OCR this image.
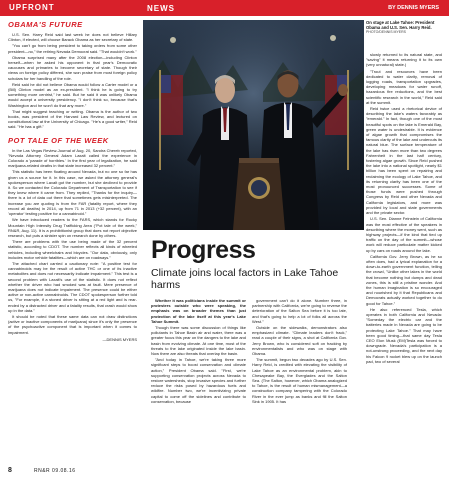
UPFRONT	NEWS	BY DENNIS MYERS
OBAMA'S FUTURE

U.S. Sen. Harry Reid said last week he does not believe Hillary Clinton, if elected, will choose Barack Obama as her secretary of state.

"You can't go from being president to taking orders from some other president—no," the retiring Nevada Democrat said. "That wouldn't work."

Obama surprised many after the 2008 election—including Clinton herself—when he asked his opponent in that year's Democratic caucuses and primaries to become secretary of state. Though their views on foreign policy differed, she won praise from most foreign policy scholars for her handling of the role.

Reid said he did not believe Obama would follow a Carter model or a (Bill) Clinton model as an ex-president. "I think he is going to try something more centrist," he said. But he said it was unlikely Obama would accept a university presidency. "I don't think so, because that's Washington and he won't do that any more."

That might suggest teaching or writing. Obama is the author of two books, was president of the Harvard Law Review, and lectured on constitutional law at the University of Chicago. "He's a good writer," Reid said. "He has a gift."

POT TALE OF THE WEEK

In the Las Vegas Review-Journal of Aug. 20, Sandra Chereb reported, "Nevada Attorney General Adam Laxalt called the experience in Colorado a 'parade of horribles.' In the first year of legalization, he said marijuana-related deaths in that state increased 32 percent."

This statistic has been floating around Nevada, but no one so far has given us a source for it. In this case, we asked the attorney general's spokesperson where Laxalt got the number, but she declined to provide it. So we contacted the Colorado Department of Transportation to see if they knew where it came from. They replied, "Thanks for the inquiry—there is a lot of data out there that sometimes gets misinterpreted. The increase you are quoting is from the FAR (fatality report, where they record all deaths) in 2014, up from 71 in 2013 (+32 percent), with an 'operator' testing positive for a cannabinoid."

We have introduced readers to the FARS, which stands for Rocky Mountain High Intensity Drug Trafficking Area ("Pot tale of the week," RN&R, Aug. 11). It is a prohibitionist group that does not report objective research, but puts a sinister spin on research done by others.

There are problems with the use being made of the 32 percent statistic, according to CDOT. The number reflects all kinds of wheeled vehicles, including wheelchairs and bicycles. "Our data, obviously, only includes motor vehicle fatalities—which are on roadways."

The attached chart carried a cautionary note: "A positive test for cannabinoids may be the result of active THC or one of its inactive metabolites and does not necessarily indicate impairment." This test is a second problem with Laxalt's use of the statistic. It does not reflect whether the driver who had smoked was at fault. Mere presence of marijuana does not indicate impairment. The presence could be either active or non-active cannabinoids. The CDOT spokesperson further told us, "For example, if a stoned driver is sitting at a red light and is rear-ended by a distracted driver and a fatality results, that crash would show up in the data."

It should be noted that these same data can not draw distinctions (active or inactive components of marijuana) since it's only the presence of the psychoactive component that is important when it comes to impairment.

—DENNIS MYERS
On stage at Lake Tahoe: President Obama and U.S. Sen. Harry Reid.
PHOTO/DENNIS MYERS

slowly returned to its natural state, and "saving" it means returning it to its own (very unnatural) state.)

"Trout and resources have been dedicated to water clarity, removal of logging roads, transportation upgrades, developing meadows for water runoff, hazardous fire reductions, and the best scientific research in the world," Reid said at the summit.

Reid twice used a rhetorical device of describing the lake's waters favorably as "emerald." In fact, though one of the most beautiful spots on the lake is Emerald Bay, green water is undesirable. It is evidence of algae growth that compromises the famous clarity of the lake and undercuts its natural blue. The surface temperature of the lake has risen more than two degrees Fahrenheit in the last half century, fostering algae growth. Since Reid pushed the lake into a national spotlight, nearly $1 billion has been spent on repairing and reclaiming the ecology of Lake Tahoe, and its returning clarity has been one of the most pronounced successes. Some of those funds were pushed through Congress by Reid and other Nevada and California legislators, and more was provided by local and state governments and the private sector.

U.S. Sen. Dianne Feinstein of California was the most effective of the speakers in describing where the money went, such as highway projects—if the kind that tied up traffic on the day of the summit—whose work will reduce particulate matter kicked up by cars on roads around the lake.

California Gov. Jerry Brown, as he so often does, had a lyrical explanation for a down-to-earth government function, telling the crowd, "Unlike other lakes in the world that become nothing but dumps and dead zones, this is still a pristine wonder. And the human imagination is so encouraged and nourished by it that Republicans and Democrats actually worked together to do good for Tahoe."

He also referenced Tesla, which operates in both California and Nevada: "Someday the electric car and the batteries made in Nevada are going to be protecting Lake Tahoe." That may have been good timing—that same day Tesla CEO Elon Musk (EM)Tesla was forced to downgrade. Nevada's participation is a not-unstrong proceeding, and the next day his Falcon 9 rocket blew up on the launch pad, two of several

Progress
Climate joins local factors in Lake Tahoe harms

Whether it was politicians inside the summit or protesters outside who were speaking, the emphasis was on broader themes than just protection of the lake itself at this year's Lake Tahoe Summit.

Though there was some discussion of things like pollutants in Tahoe Basin air and water, there was a greater focus this year on the dangers to the lake and basin from evolving climate. At one time, most of the threats to the lake originated inside the lake basin. Now there are also threats that overlap the basin.

"And today in Tahoe, we're taking three more significant steps to boost conservation and climate action," President Obama said. "First, we're supporting conservation projects across Nevada to restore watersheds, stop invasive species and further reduce the risks posed by hazardous fuels and wildfire. Number two, we're incentivizing private capital to come off the sidelines and contribute to conservation, because

government can't do it alone. Number three, in partnership with California, we're going to reverse the deterioration of the Salton Sea before it is too late, and that's going to help a lot of folks all across the West."

Outside on the sidewalks, demonstrators also emphasized climate. "Climate leaders don't frack," read a couple of their signs, a shot at California Gov. Jerry Brown, who is considered soft on fracking by environmentalists and who was on stage with Obama.

The summit, begun two decades ago by U.S. Sen. Harry Reid, is credited with elevating the visibility of Lake Tahoe as an environmental problem, akin to Chesapeake Bay, the Everglades and the Salton Sea. (The Salton, however, which Obama analogized to Tahoe, is the result of human mismanagement—a construction company tampering with the Colorado River in the ever jump as banks and fill the Salton Sink in 1905. It has

8	RN&R 09.08.16
